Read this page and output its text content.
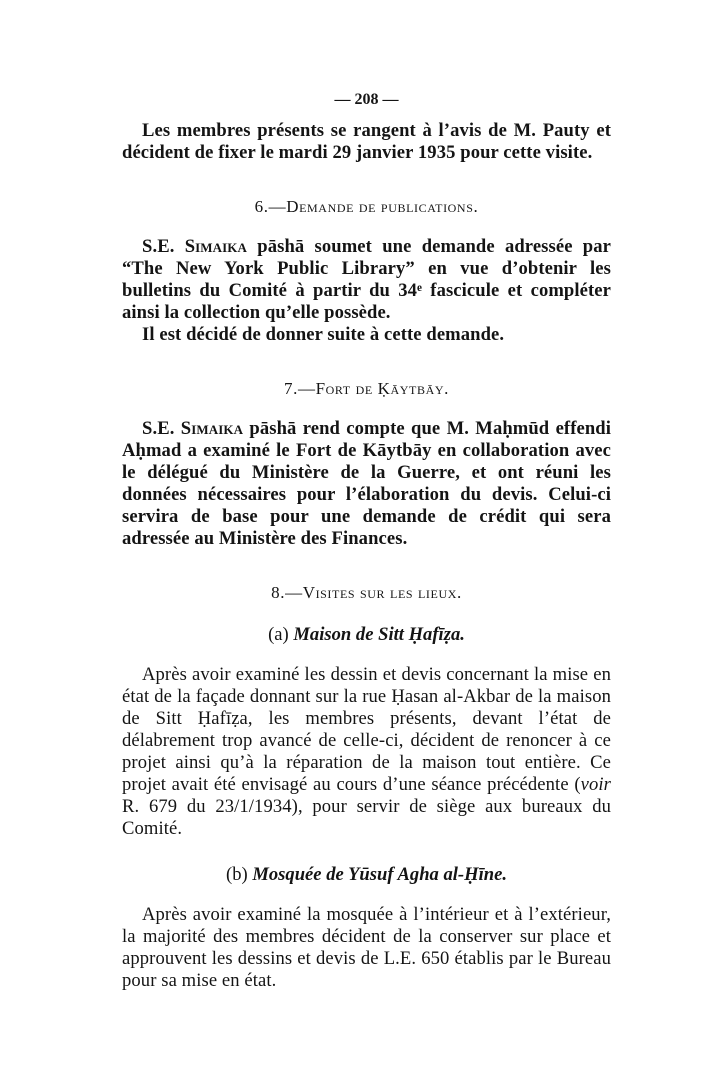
— 208 —

Les membres présents se rangent à l’avis de M. Pauty et décident de fixer le mardi 29 janvier 1935 pour cette visite.

6.—Demande de publications.

S.E. Simaika pāshā soumet une demande adressée par “The New York Public Library” en vue d’obtenir les bulletins du Comité à partir du 34ᵉ fascicule et compléter ainsi la collection qu’elle possède.

Il est décidé de donner suite à cette demande.

7.—Fort de Ḳāytbāy.

S.E. Simaika pāshā rend compte que M. Maḥmūd effendi Aḥmad a examiné le Fort de Kāytbāy en collaboration avec le délégué du Ministère de la Guerre, et ont réuni les données nécessaires pour l’élaboration du devis. Celui-ci servira de base pour une demande de crédit qui sera adressée au Ministère des Finances.

8.—Visites sur les lieux.
(a) Maison de Sitt Ḥafīẓa.

Après avoir examiné les dessin et devis concernant la mise en état de la façade donnant sur la rue Ḥasan al-Akbar de la maison de Sitt Ḥafīẓa, les membres présents, devant l’état de délabrement trop avancé de celle-ci, décident de renoncer à ce projet ainsi qu’à la réparation de la maison tout entière. Ce projet avait été envisagé au cours d’une séance précédente (voir R. 679 du 23/1/1934), pour servir de siège aux bureaux du Comité.

(b) Mosquée de Yūsuf Agha al-Ḥīne.

Après avoir examiné la mosquée à l’intérieur et à l’extérieur, la majorité des membres décident de la conserver sur place et approuvent les dessins et devis de L.E. 650 établis par le Bureau pour sa mise en état.
